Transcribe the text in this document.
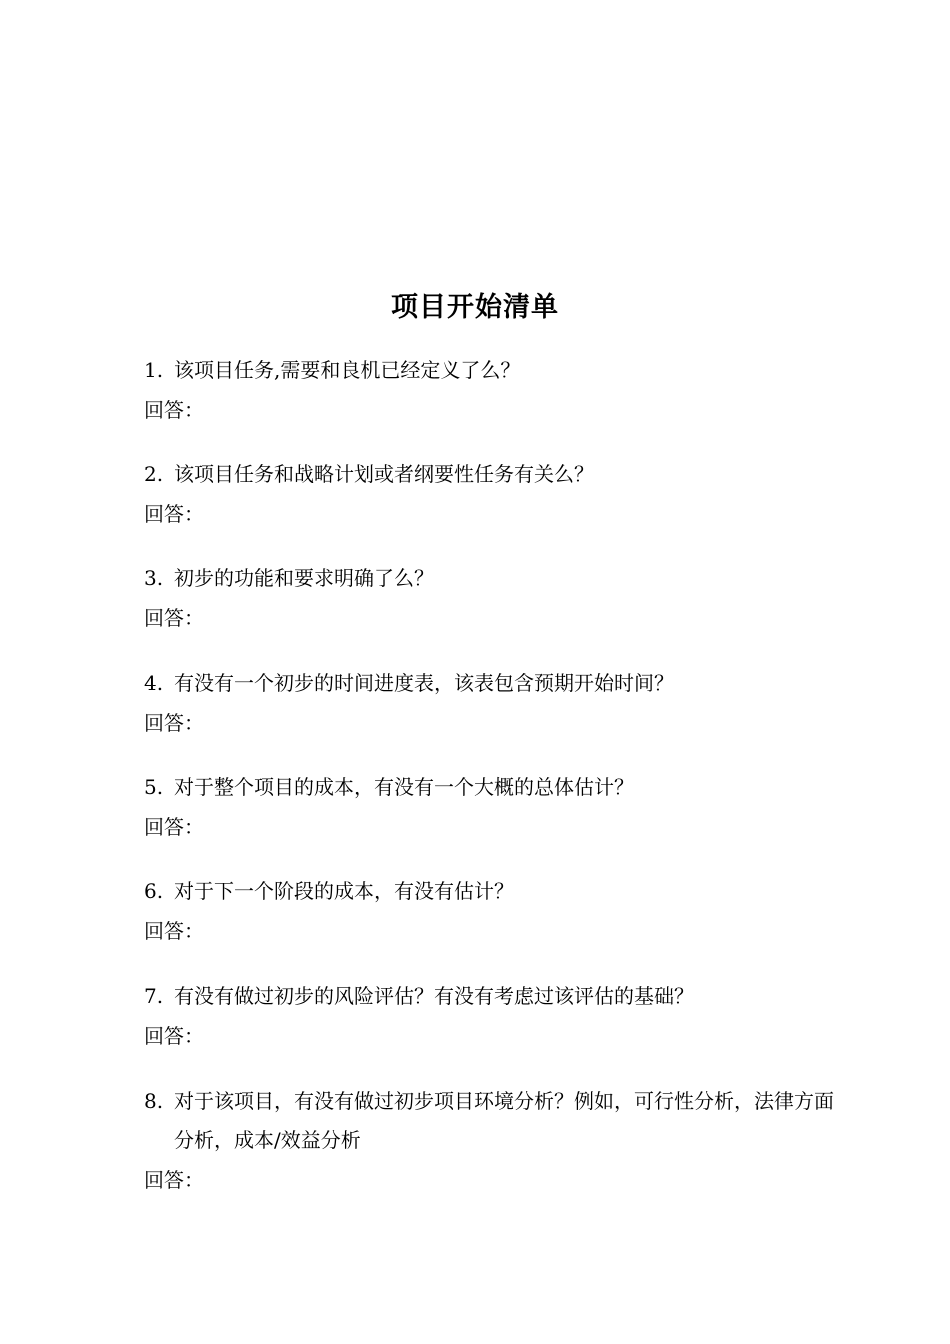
项目开始清单
1. 该项目任务,需要和良机已经定义了么？
回答：
2. 该项目任务和战略计划或者纲要性任务有关么？
回答：
3. 初步的功能和要求明确了么？
回答：
4. 有没有一个初步的时间进度表，该表包含预期开始时间？
回答：
5. 对于整个项目的成本，有没有一个大概的总体估计？
回答：
6. 对于下一个阶段的成本，有没有估计？
回答：
7. 有没有做过初步的风险评估？有没有考虑过该评估的基础？
回答：
8. 对于该项目，有没有做过初步项目环境分析？例如，可行性分析，法律方面分析，成本/效益分析
回答：
